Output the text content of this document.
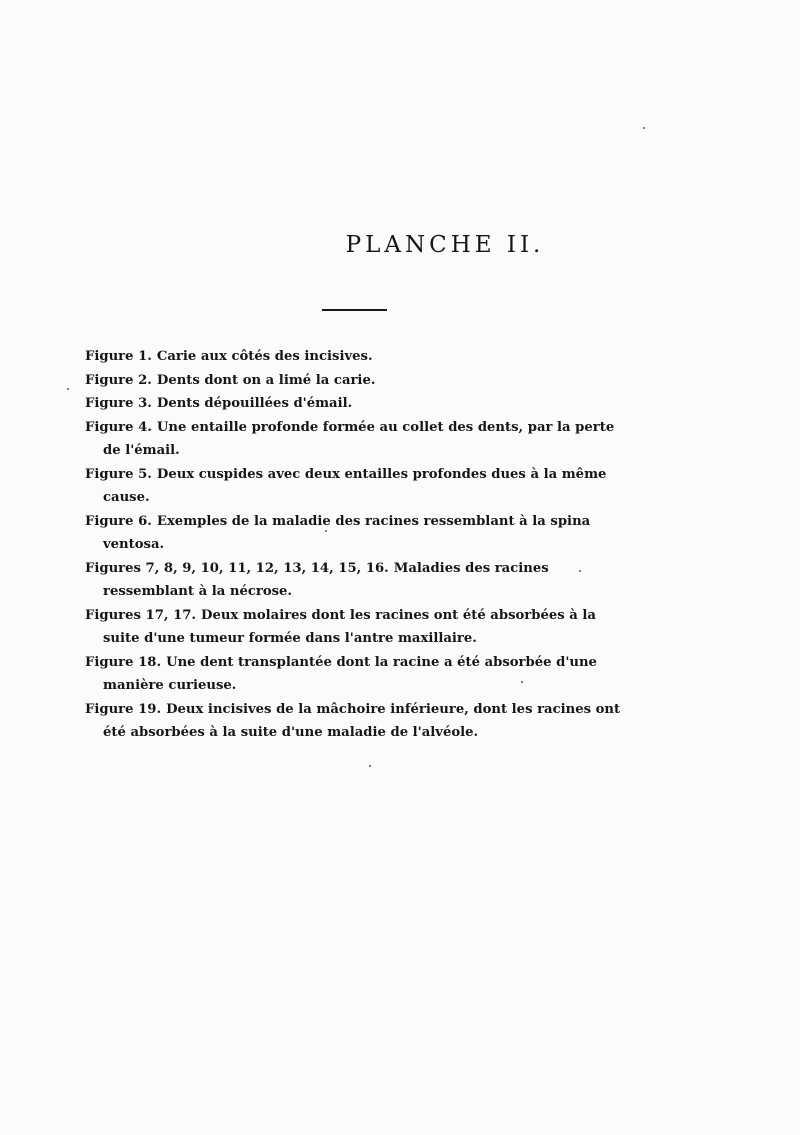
PLANCHE II.
Figure 1. Carie aux côtés des incisives.
Figure 2. Dents dont on a limé la carie.
Figure 3. Dents dépouillées d'émail.
Figure 4. Une entaille profonde formée au collet des dents, par la perte de l'émail.
Figure 5. Deux cuspides avec deux entailles profondes dues à la même cause.
Figure 6. Exemples de la maladie des racines ressemblant à la spina ventosa.
Figures 7, 8, 9, 10, 11, 12, 13, 14, 15, 16. Maladies des racines ressemblant à la nécrose.
Figures 17, 17. Deux molaires dont les racines ont été absorbées à la suite d'une tumeur formée dans l'antre maxillaire.
Figure 18. Une dent transplantée dont la racine a été absorbée d'une manière curieuse.
Figure 19. Deux incisives de la mâchoire inférieure, dont les racines ont été absorbées à la suite d'une maladie de l'alvéole.
